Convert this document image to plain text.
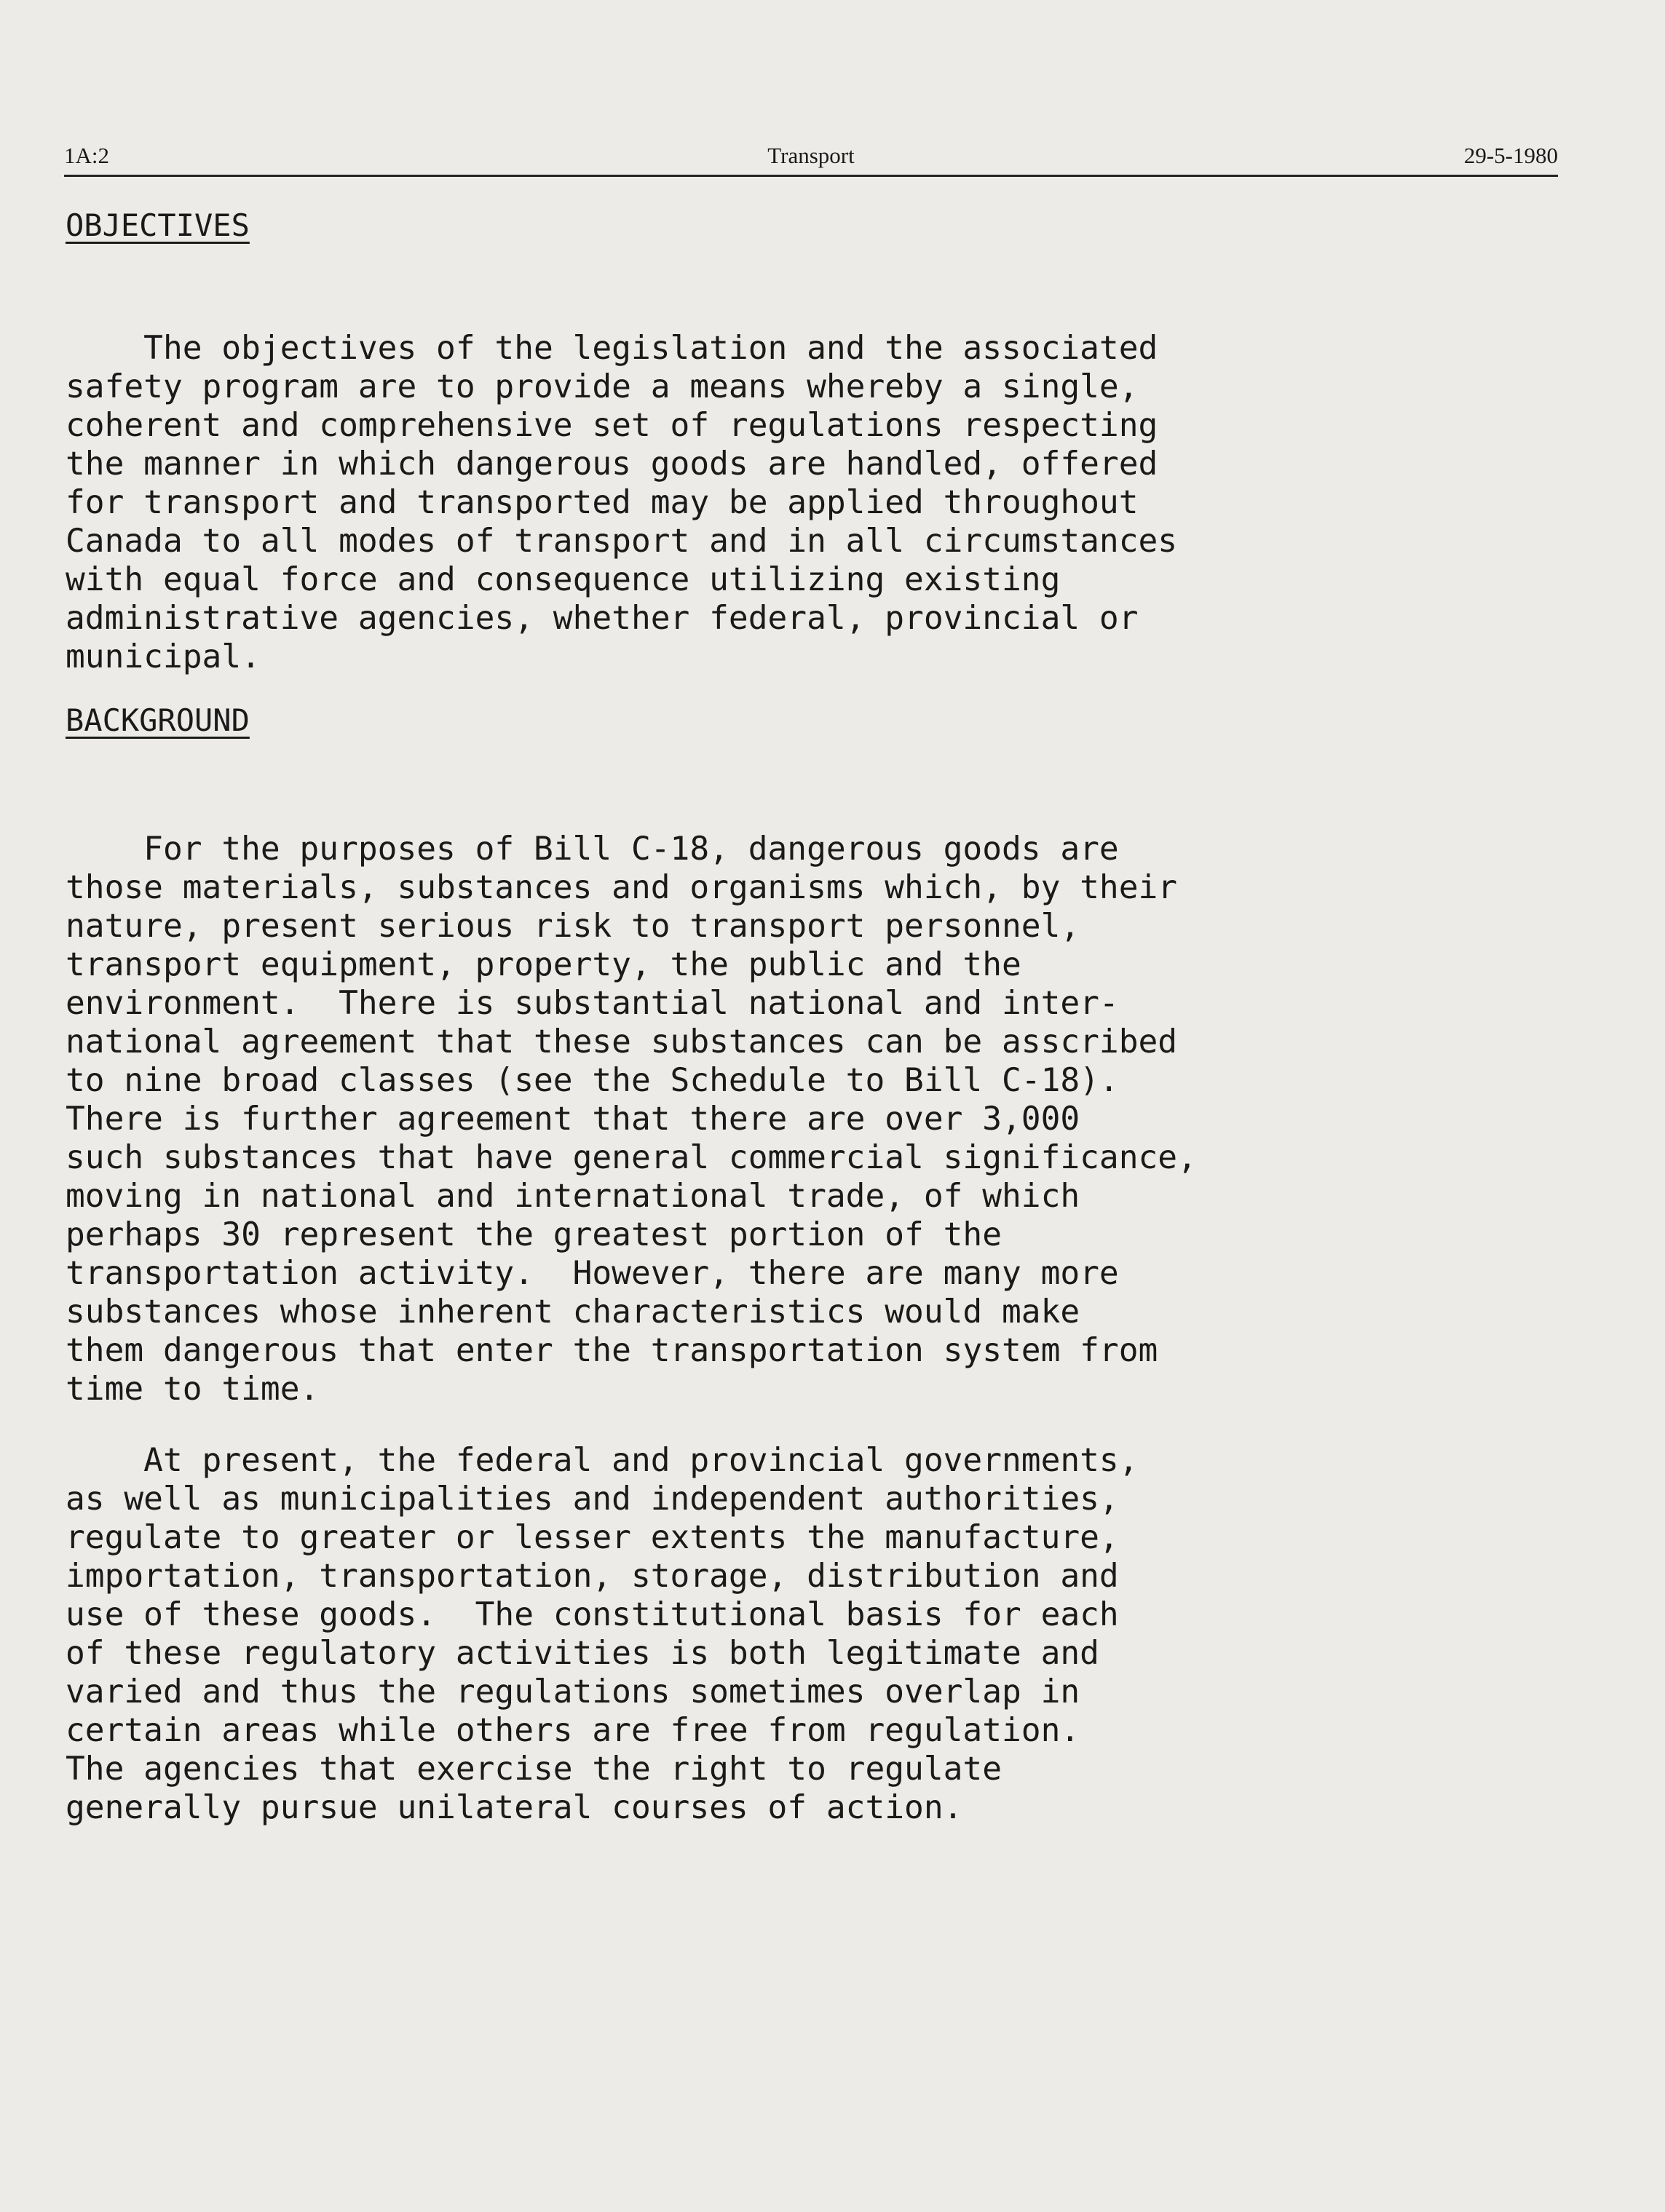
1A:2	Transport	29-5-1980
OBJECTIVES

The objectives of the legislation and the associated
safety program are to provide a means whereby a single,
coherent and comprehensive set of regulations respecting
the manner in which dangerous goods are handled, offered
for transport and transported may be applied throughout
Canada to all modes of transport and in all circumstances
with equal force and consequence utilizing existing
administrative agencies, whether federal, provincial or
municipal.

BACKGROUND

For the purposes of Bill C-18, dangerous goods are
those materials, substances and organisms which, by their
nature, present serious risk to transport personnel,
transport equipment, property, the public and the
environment.  There is substantial national and inter-
national agreement that these substances can be asscribed
to nine broad classes (see the Schedule to Bill C-18).
There is further agreement that there are over 3,000
such substances that have general commercial significance,
moving in national and international trade, of which
perhaps 30 represent the greatest portion of the
transportation activity.  However, there are many more
substances whose inherent characteristics would make
them dangerous that enter the transportation system from
time to time.

At present, the federal and provincial governments,
as well as municipalities and independent authorities,
regulate to greater or lesser extents the manufacture,
importation, transportation, storage, distribution and
use of these goods.  The constitutional basis for each
of these regulatory activities is both legitimate and
varied and thus the regulations sometimes overlap in
certain areas while others are free from regulation.
The agencies that exercise the right to regulate
generally pursue unilateral courses of action.
